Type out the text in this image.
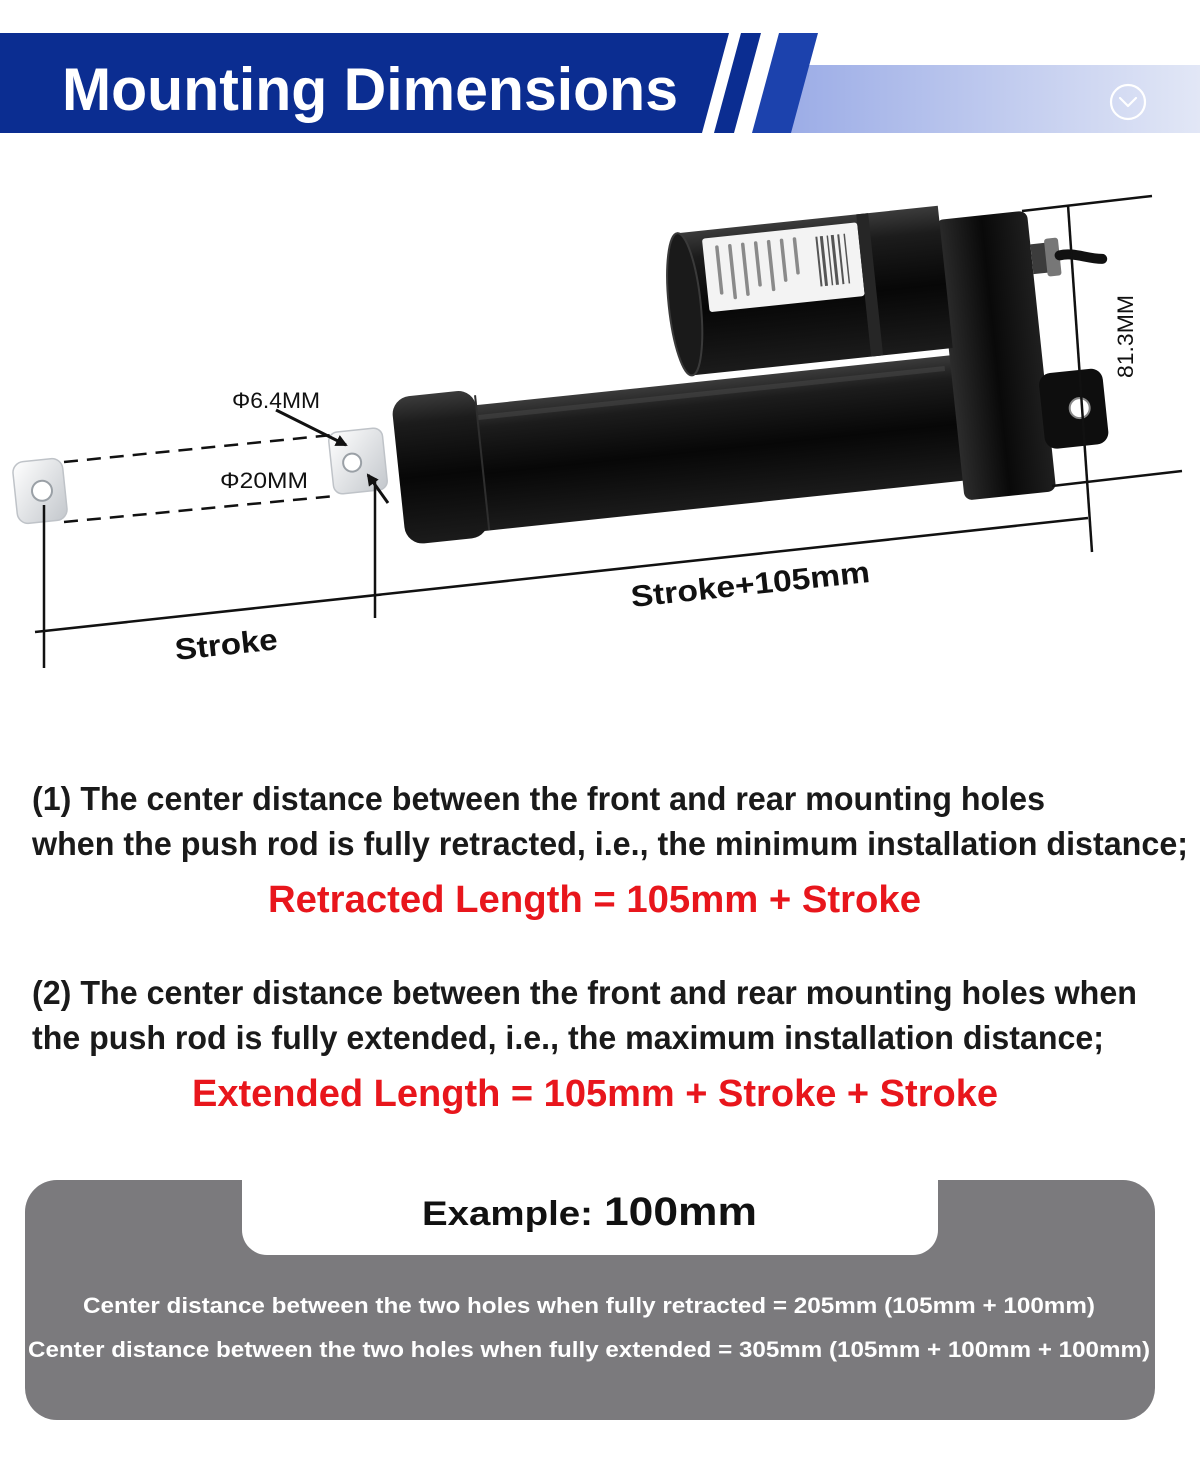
Mounting Dimensions
Φ6.4MM
Φ20MM
Stroke+105mm
Stroke
81.3MM
(1) The center distance between the front and rear mounting holes
when the push rod is fully retracted, i.e., the minimum installation distance;
Retracted Length = 105mm + Stroke
(2) The center distance between the front and rear mounting holes when
the push rod is fully extended, i.e., the maximum installation distance;
Extended Length = 105mm + Stroke + Stroke
Example: 100mm
Center distance between the two holes when fully retracted = 205mm (105mm + 100mm)
Center distance between the two holes when fully extended = 305mm (105mm + 100mm + 100mm)
